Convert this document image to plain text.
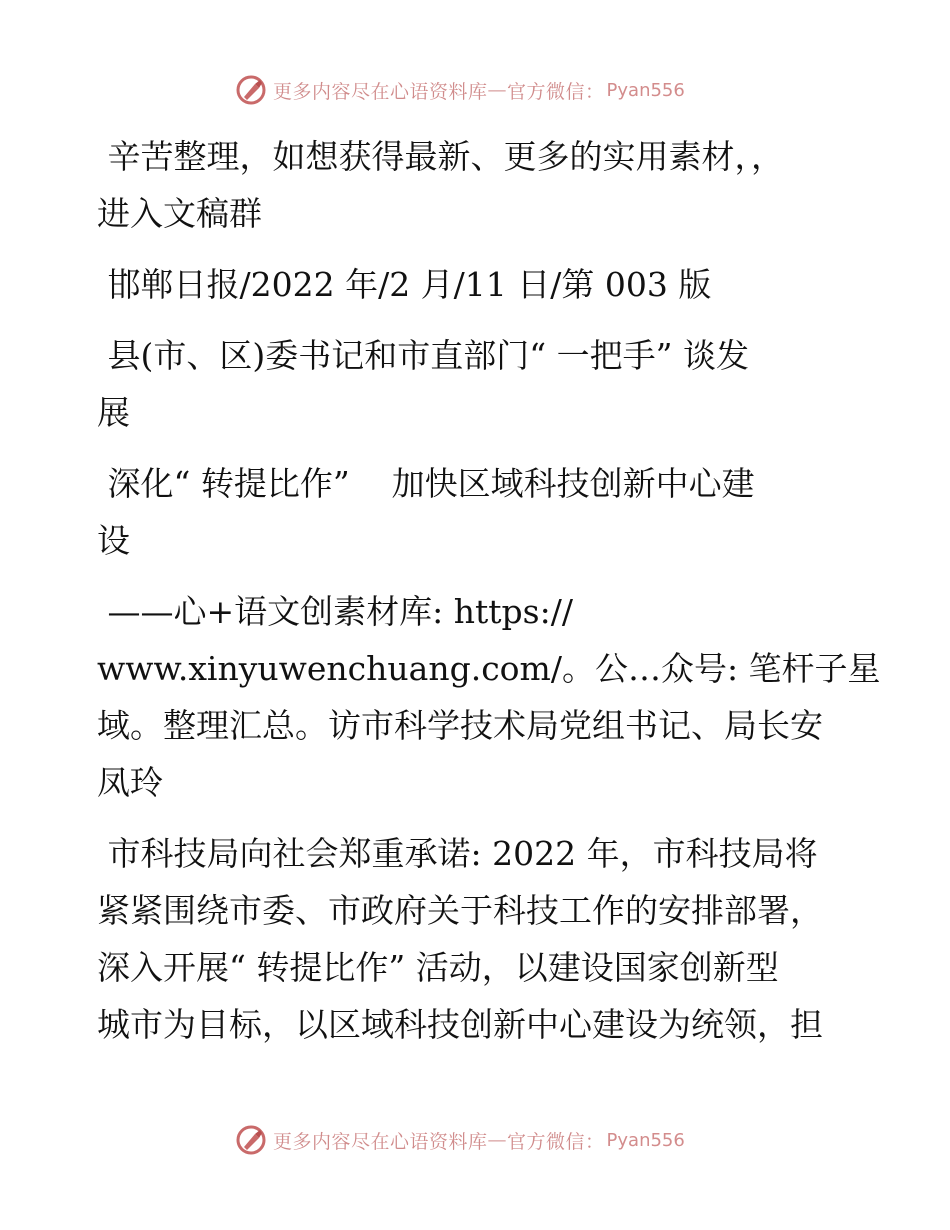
更多内容尽在心语资料库 — 官方微信： Pyan556

辛苦整理，如想获得最新、更多的实用素材，，

进入文稿群

邯郸日报/2022 年/2 月/11 日/第 003 版

县(市、区)委书记和市直部门“ 一把手” 谈发

展

深化“ 转提比作”    加快区域科技创新中心建

设

——心+语文创素材库: https://

www.xinyuwenchuang.com/。公…众号: 笔杆子星

域。整理汇总。访市科学技术局党组书记、局长安

凤玲

市科技局向社会郑重承诺: 2022 年，市科技局将

紧紧围绕市委、市政府关于科技工作的安排部署，

深入开展“ 转提比作” 活动，以建设国家创新型

城市为目标，以区域科技创新中心建设为统领，担

更多内容尽在心语资料库 — 官方微信： Pyan556
